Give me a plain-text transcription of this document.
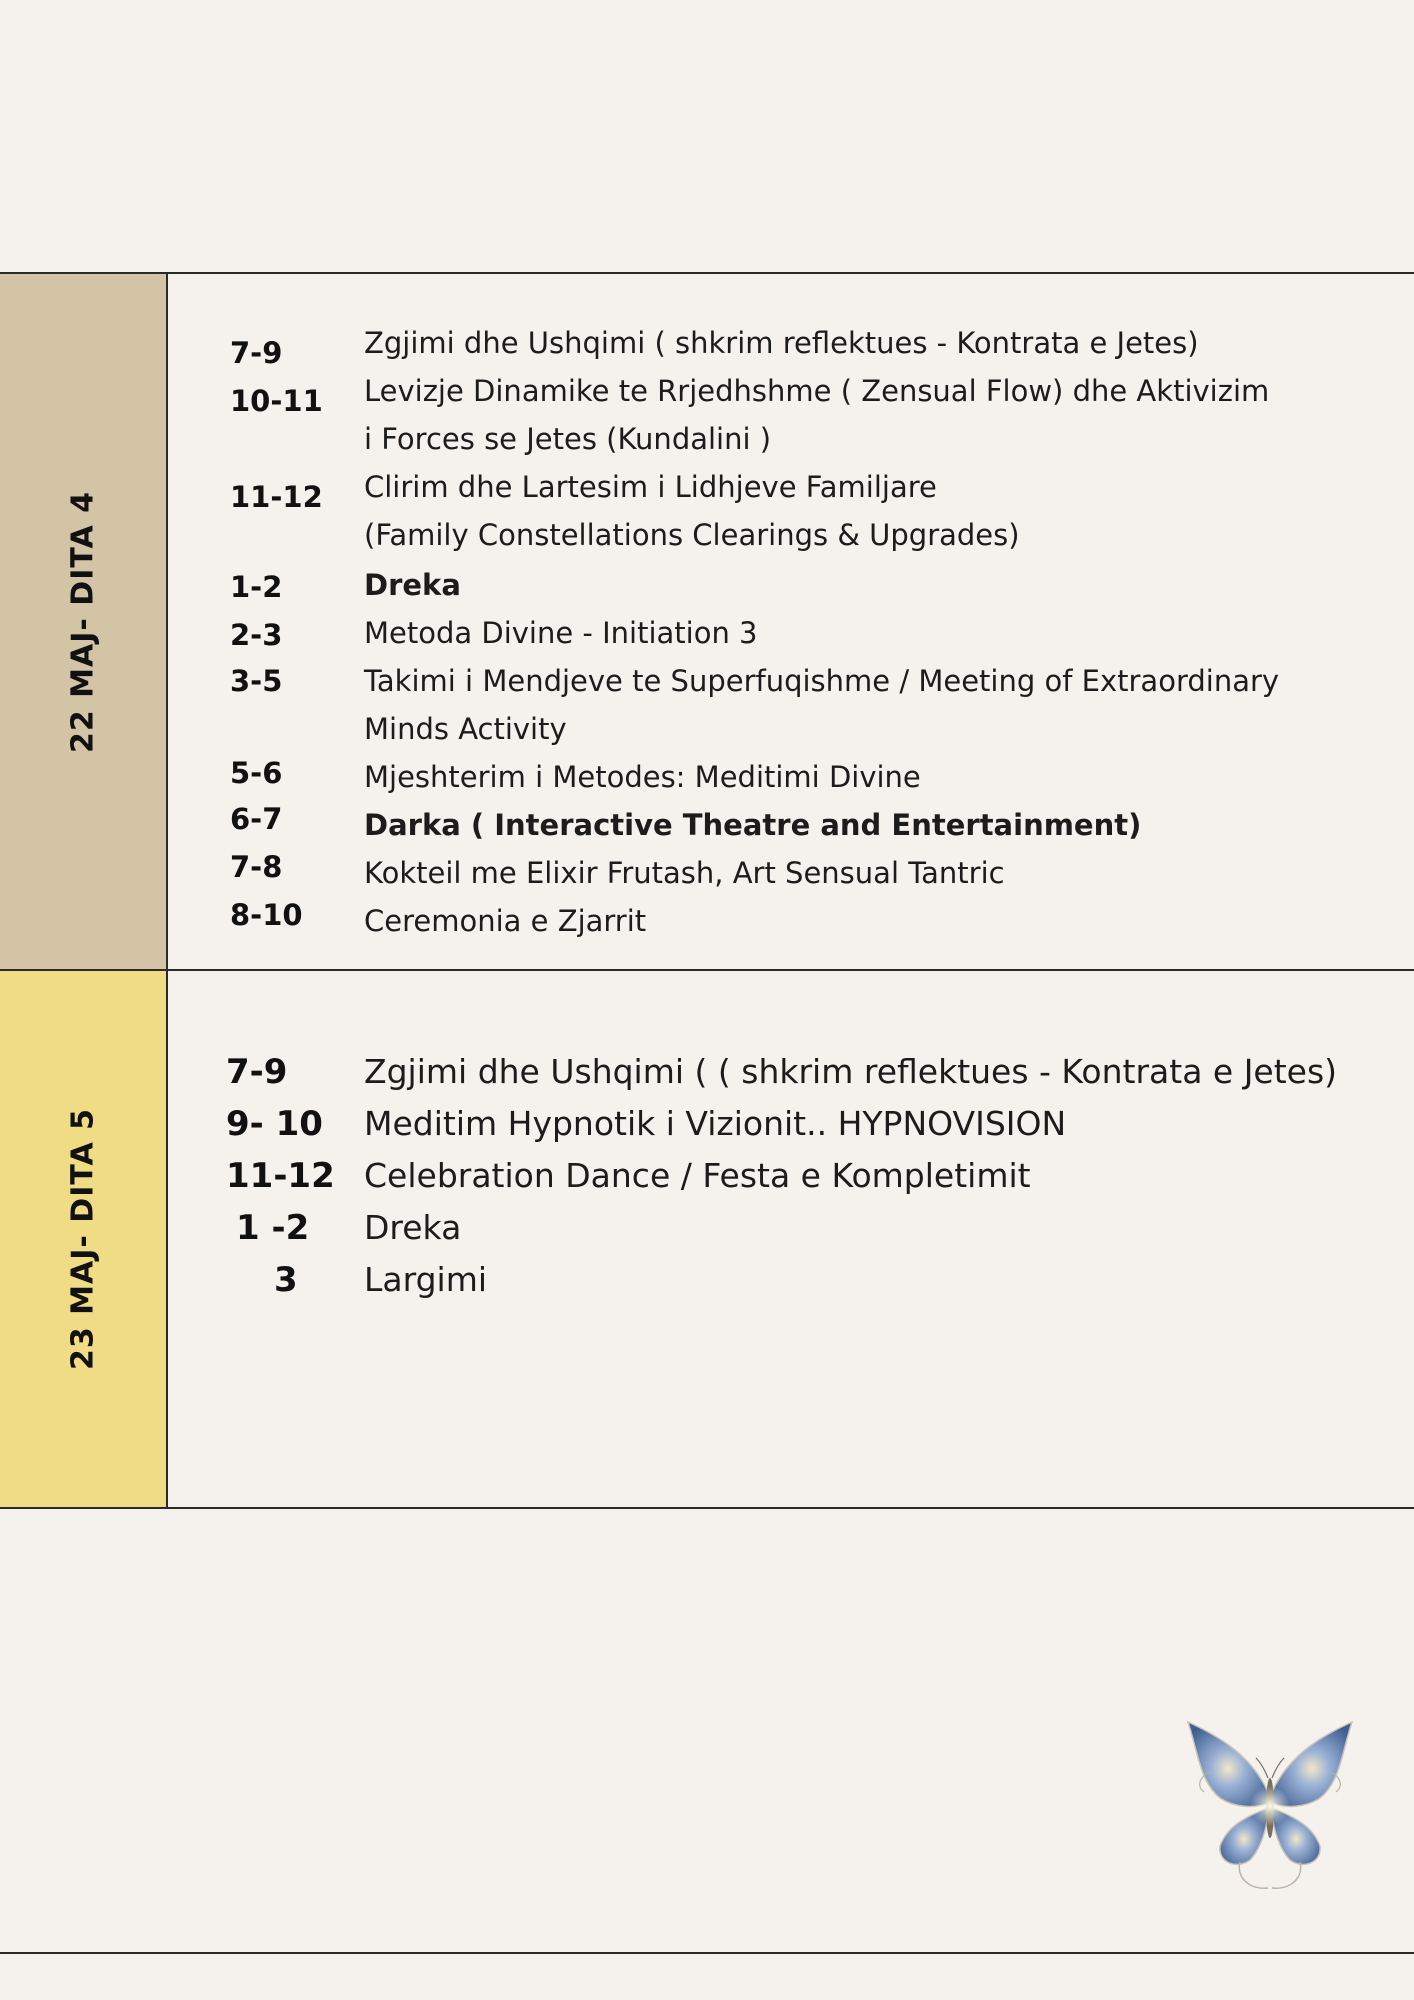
22 MAJ- DITA 4
7-9	Zgjimi dhe Ushqimi ( shkrim reflektues - Kontrata e Jetes)
10-11 Levizje Dinamike te Rrjedhshme ( Zensual Flow) dhe Aktivizim
i Forces se Jetes (Kundalini )
11-12 Clirim dhe Lartesim i Lidhjeve Familjare
(Family Constellations Clearings & Upgrades)
1-2	Dreka
2-3	Metoda Divine - Initiation 3
3-5	Takimi i Mendjeve te Superfuqishme / Meeting of Extraordinary
Minds Activity
5-6	Mjeshterim i Metodes: Meditimi Divine
6-7	Darka ( Interactive Theatre and Entertainment)
7-8	Kokteil me Elixir Frutash, Art Sensual Tantric
8-10 Ceremonia e Zjarrit
23 MAJ- DITA 5
7-9 Zgjimi dhe Ushqimi ( ( shkrim reflektues - Kontrata e Jetes)
9- 10 Meditim Hypnotik i Vizionit.. HYPNOVISION
11-12 Celebration Dance / Festa e Kompletimit
1 -2 Dreka
3 Largimi
